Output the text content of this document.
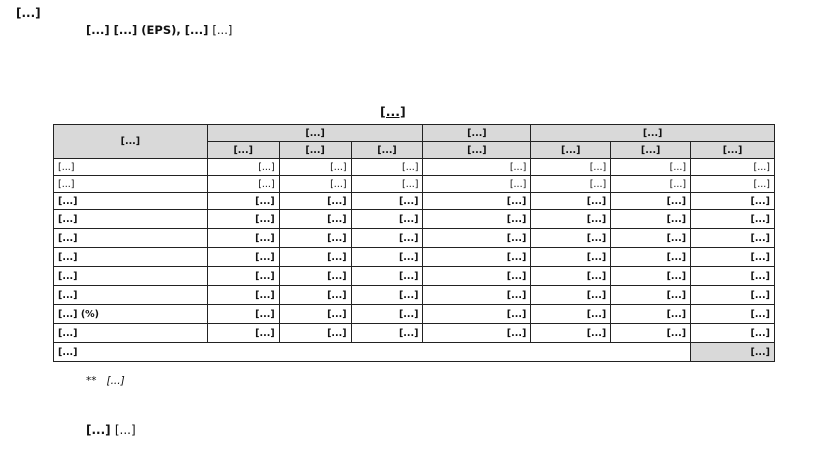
[...]
[...] [...] (EPS), [...] [...]
[...]
[...]	[...]			[...]	[...]		
	[...]	[...]	[...]	[...]	[...]	[...]	[...]
[...]	[...]	[...]	[...]	[...]	[...]	[...]	[...]
[...]	[...]	[...]	[...]	[...]	[...]	[...]	[...]
[...]	[...]	[...]	[...]	[...]	[...]	[...]	[...]
[...]	[...]	[...]	[...]	[...]	[...]	[...]	[...]
[...]	[...]	[...]	[...]	[...]	[...]	[...]	[...]
[...]	[...]	[...]	[...]	[...]	[...]	[...]	[...]
[...]	[...]	[...]	[...]	[...]	[...]	[...]	[...]
[...]	[...]	[...]	[...]	[...]	[...]	[...]	[...]
[...] (%)	[...]	[...]	[...]	[...]	[...]	[...]	[...]
[...]	[...]	[...]	[...]	[...]	[...]	[...]	[...]
[...]							[...]
** [...]
[...] [...]
